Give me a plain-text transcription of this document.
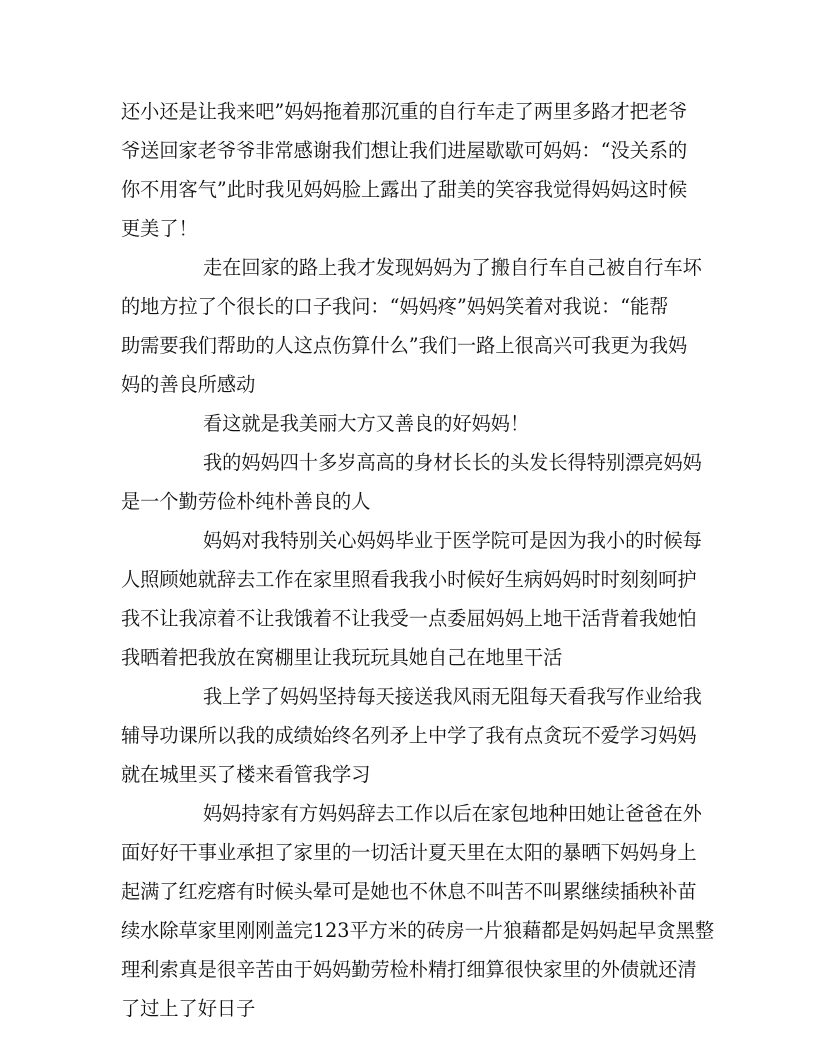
还小还是让我来吧”妈妈拖着那沉重的自行车走了两里多路才把老爷
爷送回家老爷爷非常感谢我们想让我们进屋歇歇可妈妈：“没关系的
你不用客气”此时我见妈妈脸上露出了甜美的笑容我觉得妈妈这时候
更美了！
走在回家的路上我才发现妈妈为了搬自行车自己被自行车坏
的地方拉了个很长的口子我问：“妈妈疼”妈妈笑着对我说：“能帮
助需要我们帮助的人这点伤算什么”我们一路上很高兴可我更为我妈
妈的善良所感动
看这就是我美丽大方又善良的好妈妈！
我的妈妈四十多岁高高的身材长长的头发长得特别漂亮妈妈
是一个勤劳俭朴纯朴善良的人
妈妈对我特别关心妈妈毕业于医学院可是因为我小的时候每
人照顾她就辞去工作在家里照看我我小时候好生病妈妈时时刻刻呵护
我不让我凉着不让我饿着不让我受一点委屈妈妈上地干活背着我她怕
我晒着把我放在窝棚里让我玩玩具她自己在地里干活
我上学了妈妈坚持每天接送我风雨无阻每天看我写作业给我
辅导功课所以我的成绩始终名列矛上中学了我有点贪玩不爱学习妈妈
就在城里买了楼来看管我学习
妈妈持家有方妈妈辞去工作以后在家包地种田她让爸爸在外
面好好干事业承担了家里的一切活计夏天里在太阳的暴晒下妈妈身上
起满了红疙瘩有时候头晕可是她也不休息不叫苦不叫累继续插秧补苗
续水除草家里刚刚盖完123平方米的砖房一片狼藉都是妈妈起早贪黑整
理利索真是很辛苦由于妈妈勤劳检朴精打细算很快家里的外债就还清
了过上了好日子
